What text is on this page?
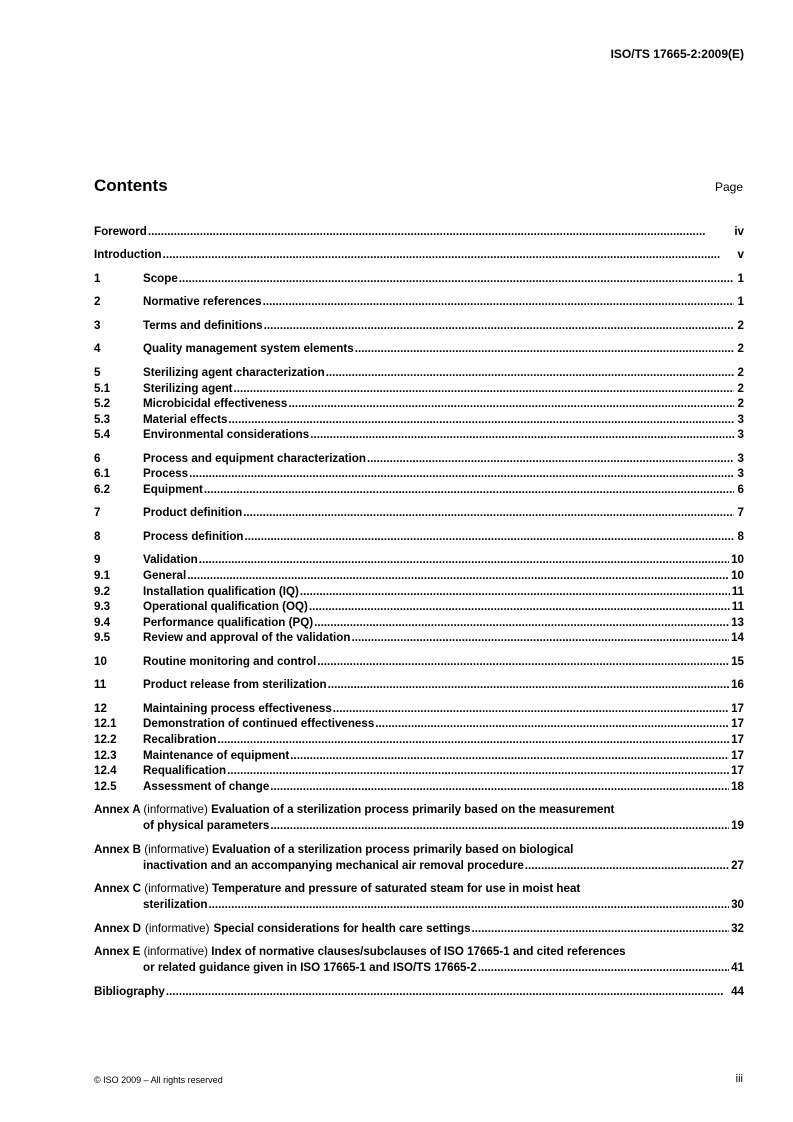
ISO/TS 17665-2:2009(E)
Contents	Page
Foreword . . .	iv
Introduction . . .	v
1	Scope . . .	1
2	Normative references . . .	1
3	Terms and definitions . . .	2
4	Quality management system elements . . .	2
5	Sterilizing agent characterization . . .	2
5.1	Sterilizing agent . . .	2
5.2	Microbicidal effectiveness . . .	2
5.3	Material effects . . .	3
5.4	Environmental considerations . . .	3
6	Process and equipment characterization . . .	3
6.1	Process . . .	3
6.2	Equipment . . .	6
7	Product definition . . .	7
8	Process definition . . .	8
9	Validation . . .	10
9.1	General . . .	10
9.2	Installation qualification (IQ) . . .	11
9.3	Operational qualification (OQ) . . .	11
9.4	Performance qualification (PQ) . . .	13
9.5	Review and approval of the validation . . .	14
10	Routine monitoring and control . . .	15
11	Product release from sterilization . . .	16
12	Maintaining process effectiveness . . .	17
12.1	Demonstration of continued effectiveness . . .	17
12.2	Recalibration . . .	17
12.3	Maintenance of equipment . . .	17
12.4	Requalification . . .	17
12.5	Assessment of change . . .	18
Annex A (informative) Evaluation of a sterilization process primarily based on the measurement
of physical parameters . . .	19
Annex B (informative) Evaluation of a sterilization process primarily based on biological
inactivation and an accompanying mechanical air removal procedure . . .	27
Annex C (informative) Temperature and pressure of saturated steam for use in moist heat
sterilization . . .	30
Annex D (informative) Special considerations for health care settings . . .	32
Annex E (informative) Index of normative clauses/subclauses of ISO 17665-1 and cited references
or related guidance given in ISO 17665-1 and ISO/TS 17665-2 . . .	41
Bibliography . . .	44
© ISO 2009 – All rights reserved	iii
